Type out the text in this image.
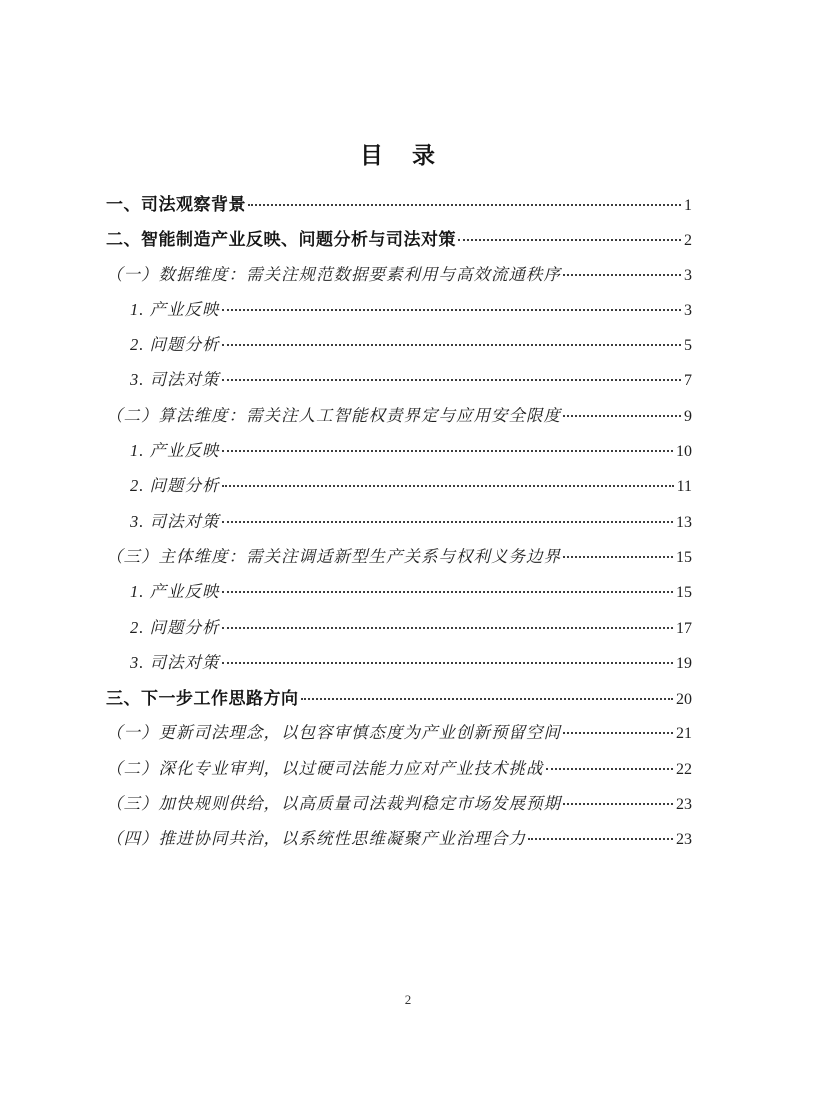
目　录
一、司法观察背景	1
二、智能制造产业反映、问题分析与司法对策	2
（一）数据维度：需关注规范数据要素利用与高效流通秩序	3
1. 产业反映	3
2. 问题分析	5
3. 司法对策	7
（二）算法维度：需关注人工智能权责界定与应用安全限度	9
1. 产业反映	10
2. 问题分析	11
3. 司法对策	13
（三）主体维度：需关注调适新型生产关系与权利义务边界	15
1. 产业反映	15
2. 问题分析	17
3. 司法对策	19
三、下一步工作思路方向	20
（一）更新司法理念，以包容审慎态度为产业创新预留空间	21
（二）深化专业审判，以过硬司法能力应对产业技术挑战	22
（三）加快规则供给，以高质量司法裁判稳定市场发展预期	23
（四）推进协同共治，以系统性思维凝聚产业治理合力	23
2
